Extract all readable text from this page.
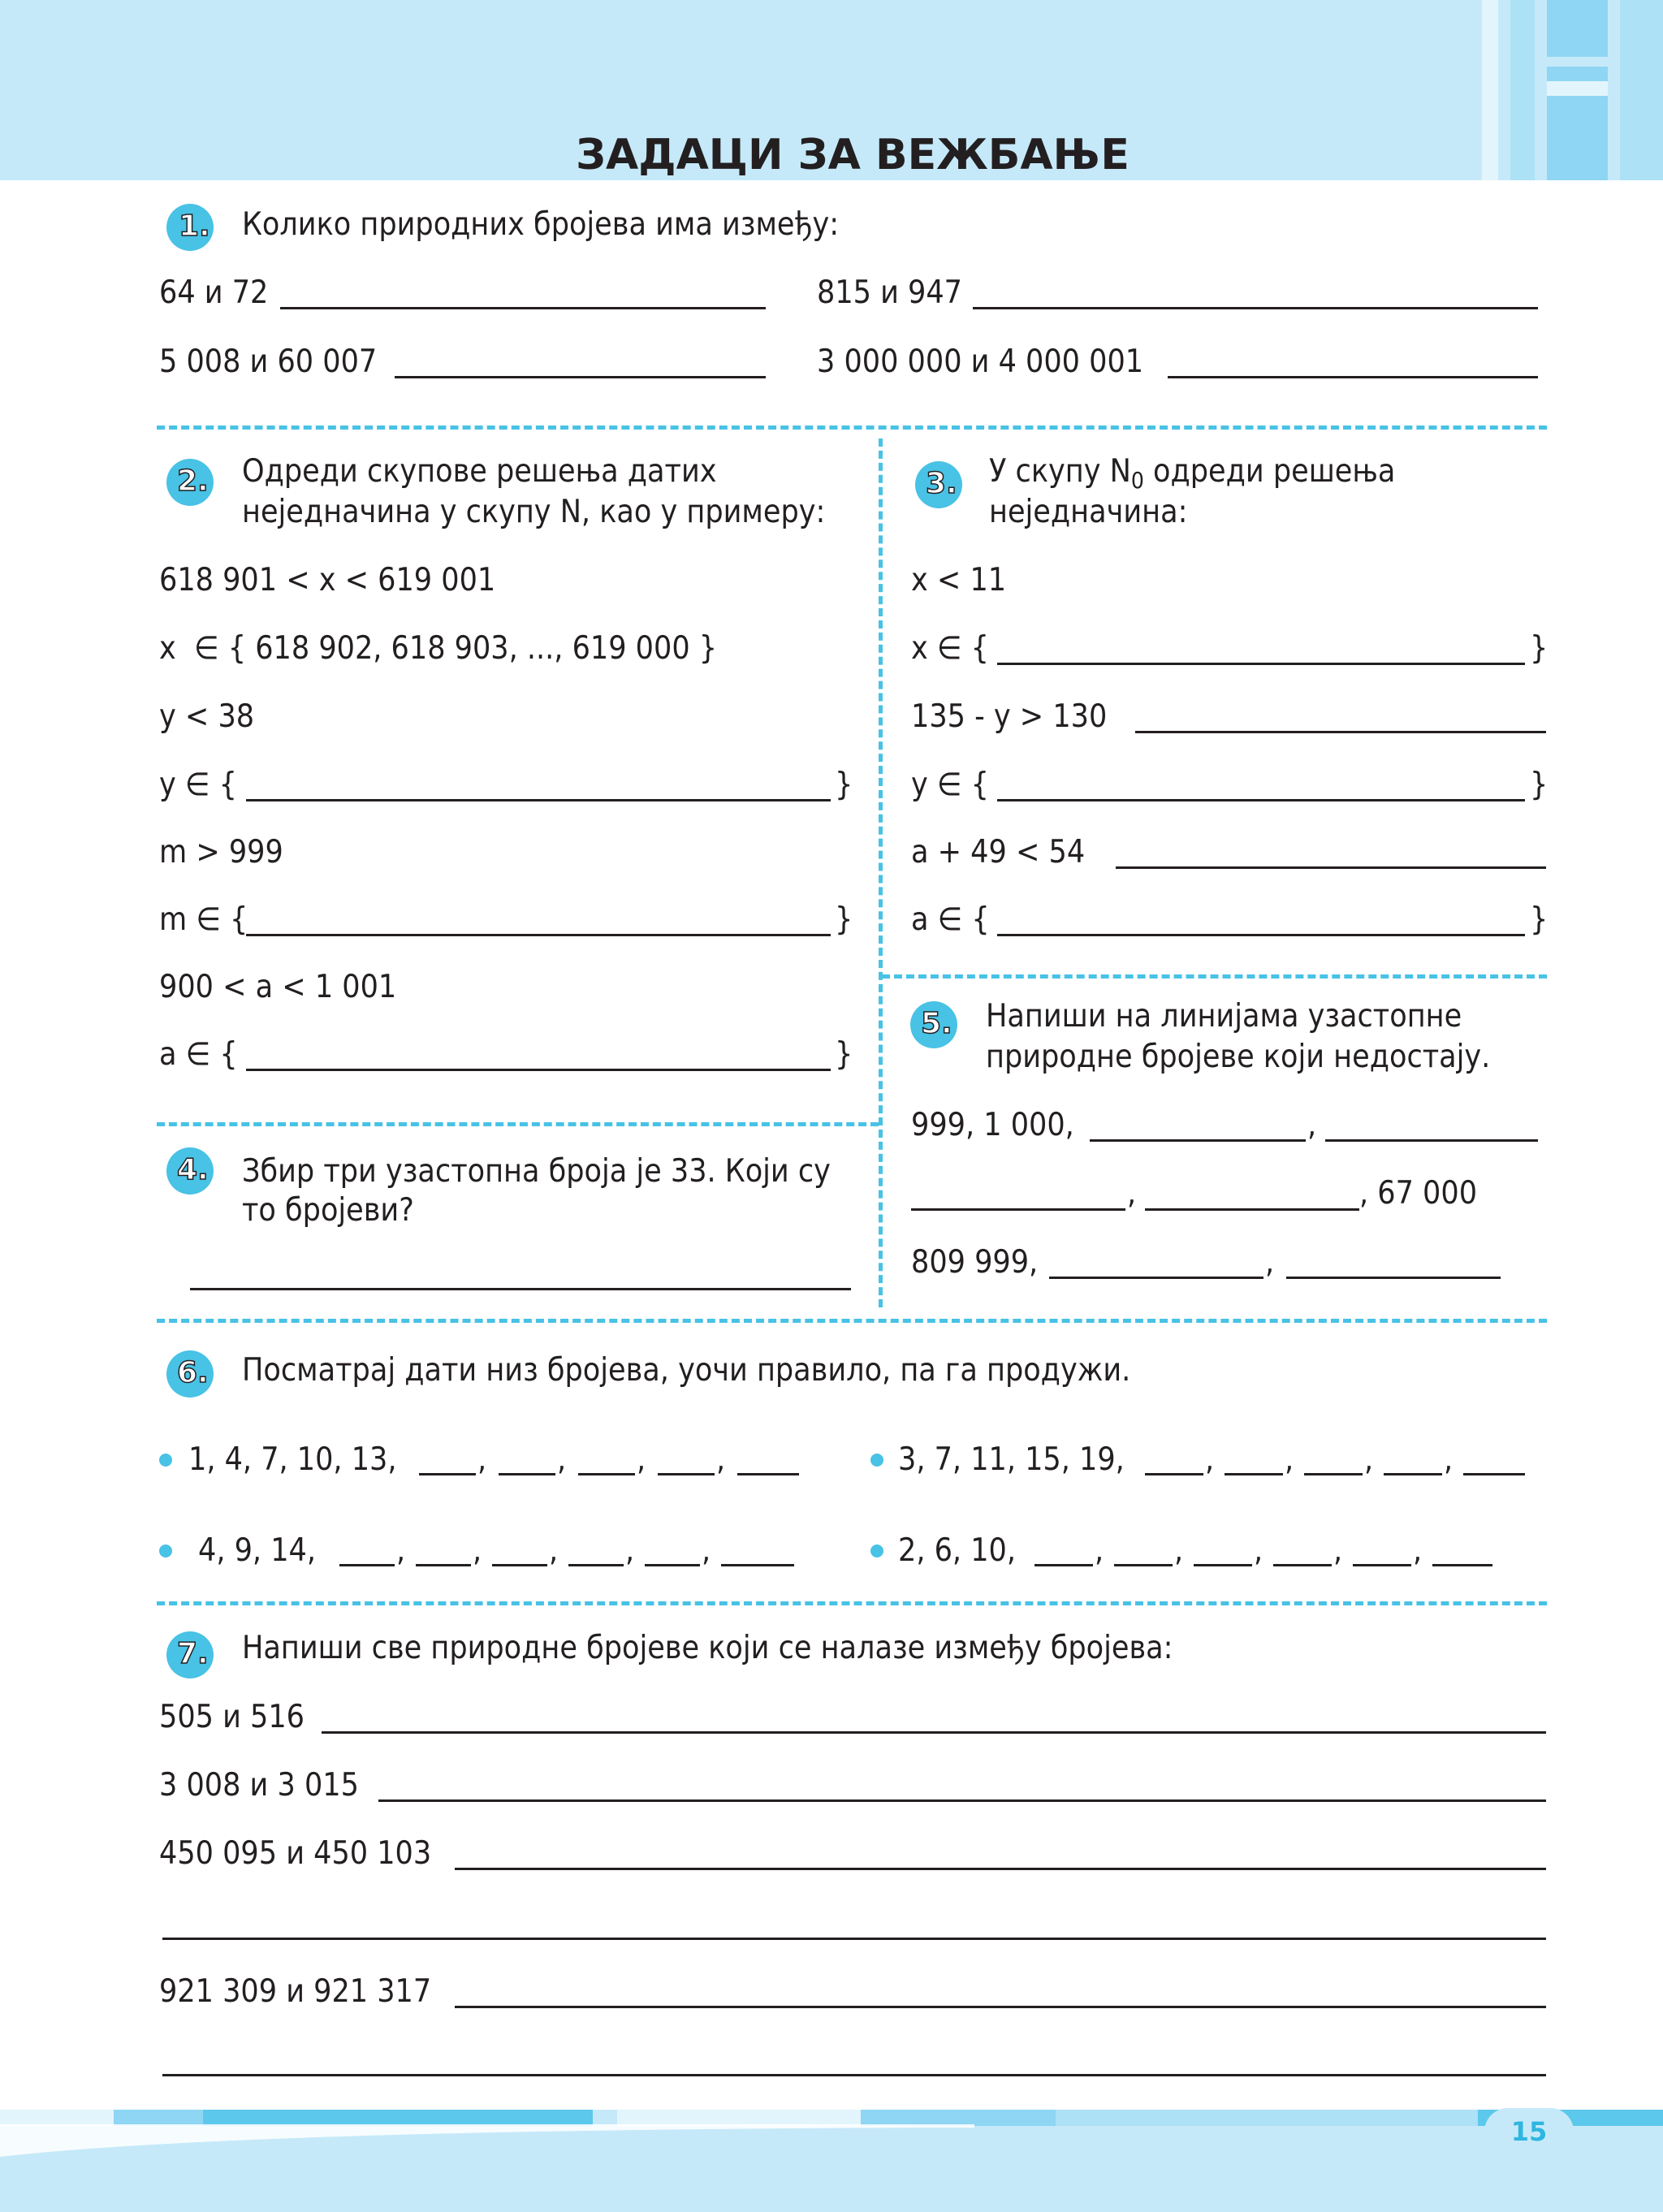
ЗАДАЦИ ЗА ВЕЖБАЊЕ
1. Колико природних бројева има између:
64 и 72	815 и 947
5 008 и 60 007	3 000 000 и 4 000 001
2. Одреди скупове решења датих
неједначина у скупу N, као у примеру:
618 901 < x < 619 001
x ∈ { 618 902, 618 903, ..., 619 000 }
y < 38
y ∈ {	}
m > 999
m ∈ {	}
900 < a < 1 001
a ∈ {	}
3. У скупу $N_0$ одреди решења
неједначина:
x < 11
x ∈ {	}
135 - y > 130
y ∈ {	}
a + 49 < 54
a ∈ {	}
5. Напиши на линијама узастопне
природне бројеве који недостају.
999, 1 000,	,
,	, 67 000
809 999,	,
4. Збир три узастопна броја је 33. Који су
то бројеви?
6. Посматрај дати низ бројева, уочи правило, па га продужи.
1, 4, 7, 10, 13,	, , , ,	3, 7, 11, 15, 19,	, , , ,
4, 9, 14,	, , , , ,	2, 6, 10, , , , , ,
7. Напиши све природне бројеве који се налазе између бројева:
505 и 516
3 008 и 3 015
450 095 и 450 103
921 309 и 921 317
15
